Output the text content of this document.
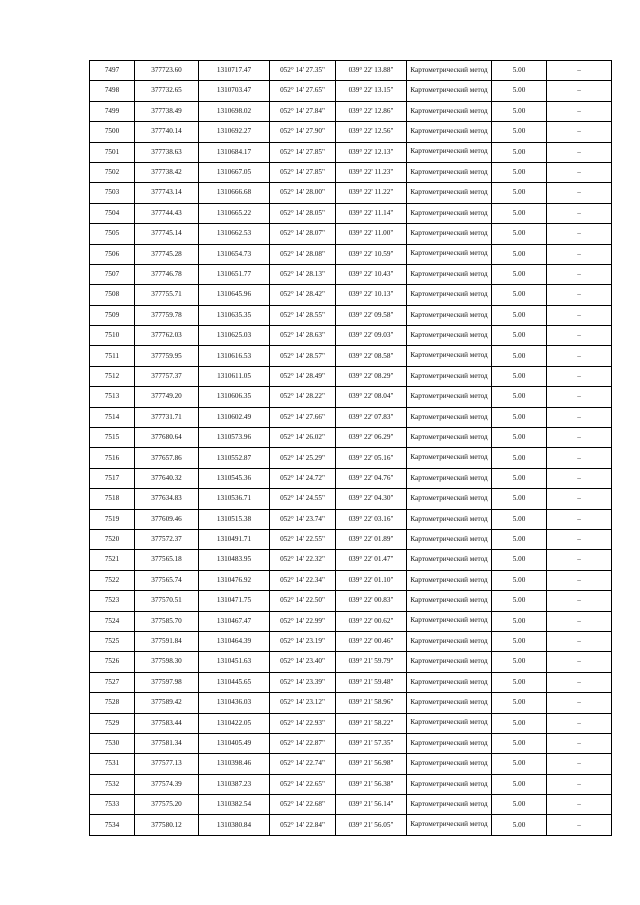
7497	377723.60	1310717.47	052° 14' 27.35"	039° 22' 13.88"	Картометрический метод	5.00	–
7498	377732.65	1310703.47	052° 14' 27.65"	039° 22' 13.15"	Картометрический метод	5.00	–
7499	377738.49	1310698.02	052° 14' 27.84"	039° 22' 12.86"	Картометрический метод	5.00	–
7500	377740.14	1310692.27	052° 14' 27.90"	039° 22' 12.56"	Картометрический метод	5.00	–
7501	377738.63	1310684.17	052° 14' 27.85"	039° 22' 12.13"	Картометрический метод	5.00	–
7502	377738.42	1310667.05	052° 14' 27.85"	039° 22' 11.23"	Картометрический метод	5.00	–
7503	377743.14	1310666.68	052° 14' 28.00"	039° 22' 11.22"	Картометрический метод	5.00	–
7504	377744.43	1310665.22	052° 14' 28.05"	039° 22' 11.14"	Картометрический метод	5.00	–
7505	377745.14	1310662.53	052° 14' 28.07"	039° 22' 11.00"	Картометрический метод	5.00	–
7506	377745.28	1310654.73	052° 14' 28.08"	039° 22' 10.59"	Картометрический метод	5.00	–
7507	377746.78	1310651.77	052° 14' 28.13"	039° 22' 10.43"	Картометрический метод	5.00	–
7508	377755.71	1310645.96	052° 14' 28.42"	039° 22' 10.13"	Картометрический метод	5.00	–
7509	377759.78	1310635.35	052° 14' 28.55"	039° 22' 09.58"	Картометрический метод	5.00	–
7510	377762.03	1310625.03	052° 14' 28.63"	039° 22' 09.03"	Картометрический метод	5.00	–
7511	377759.95	1310616.53	052° 14' 28.57"	039° 22' 08.58"	Картометрический метод	5.00	–
7512	377757.37	1310611.05	052° 14' 28.49"	039° 22' 08.29"	Картометрический метод	5.00	–
7513	377749.20	1310606.35	052° 14' 28.22"	039° 22' 08.04"	Картометрический метод	5.00	–
7514	377731.71	1310602.49	052° 14' 27.66"	039° 22' 07.83"	Картометрический метод	5.00	–
7515	377680.64	1310573.96	052° 14' 26.02"	039° 22' 06.29"	Картометрический метод	5.00	–
7516	377657.86	1310552.87	052° 14' 25.29"	039° 22' 05.16"	Картометрический метод	5.00	–
7517	377640.32	1310545.36	052° 14' 24.72"	039° 22' 04.76"	Картометрический метод	5.00	–
7518	377634.83	1310536.71	052° 14' 24.55"	039° 22' 04.30"	Картометрический метод	5.00	–
7519	377609.46	1310515.38	052° 14' 23.74"	039° 22' 03.16"	Картометрический метод	5.00	–
7520	377572.37	1310491.71	052° 14' 22.55"	039° 22' 01.89"	Картометрический метод	5.00	–
7521	377565.18	1310483.95	052° 14' 22.32"	039° 22' 01.47"	Картометрический метод	5.00	–
7522	377565.74	1310476.92	052° 14' 22.34"	039° 22' 01.10"	Картометрический метод	5.00	–
7523	377570.51	1310471.75	052° 14' 22.50"	039° 22' 00.83"	Картометрический метод	5.00	–
7524	377585.70	1310467.47	052° 14' 22.99"	039° 22' 00.62"	Картометрический метод	5.00	–
7525	377591.84	1310464.39	052° 14' 23.19"	039° 22' 00.46"	Картометрический метод	5.00	–
7526	377598.30	1310451.63	052° 14' 23.40"	039° 21' 59.79"	Картометрический метод	5.00	–
7527	377597.98	1310445.65	052° 14' 23.39"	039° 21' 59.48"	Картометрический метод	5.00	–
7528	377589.42	1310436.03	052° 14' 23.12"	039° 21' 58.96"	Картометрический метод	5.00	–
7529	377583.44	1310422.05	052° 14' 22.93"	039° 21' 58.22"	Картометрический метод	5.00	–
7530	377581.34	1310405.49	052° 14' 22.87"	039° 21' 57.35"	Картометрический метод	5.00	–
7531	377577.13	1310398.46	052° 14' 22.74"	039° 21' 56.98"	Картометрический метод	5.00	–
7532	377574.39	1310387.23	052° 14' 22.65"	039° 21' 56.38"	Картометрический метод	5.00	–
7533	377575.20	1310382.54	052° 14' 22.68"	039° 21' 56.14"	Картометрический метод	5.00	–
7534	377580.12	1310380.84	052° 14' 22.84"	039° 21' 56.05"	Картометрический метод	5.00	–
